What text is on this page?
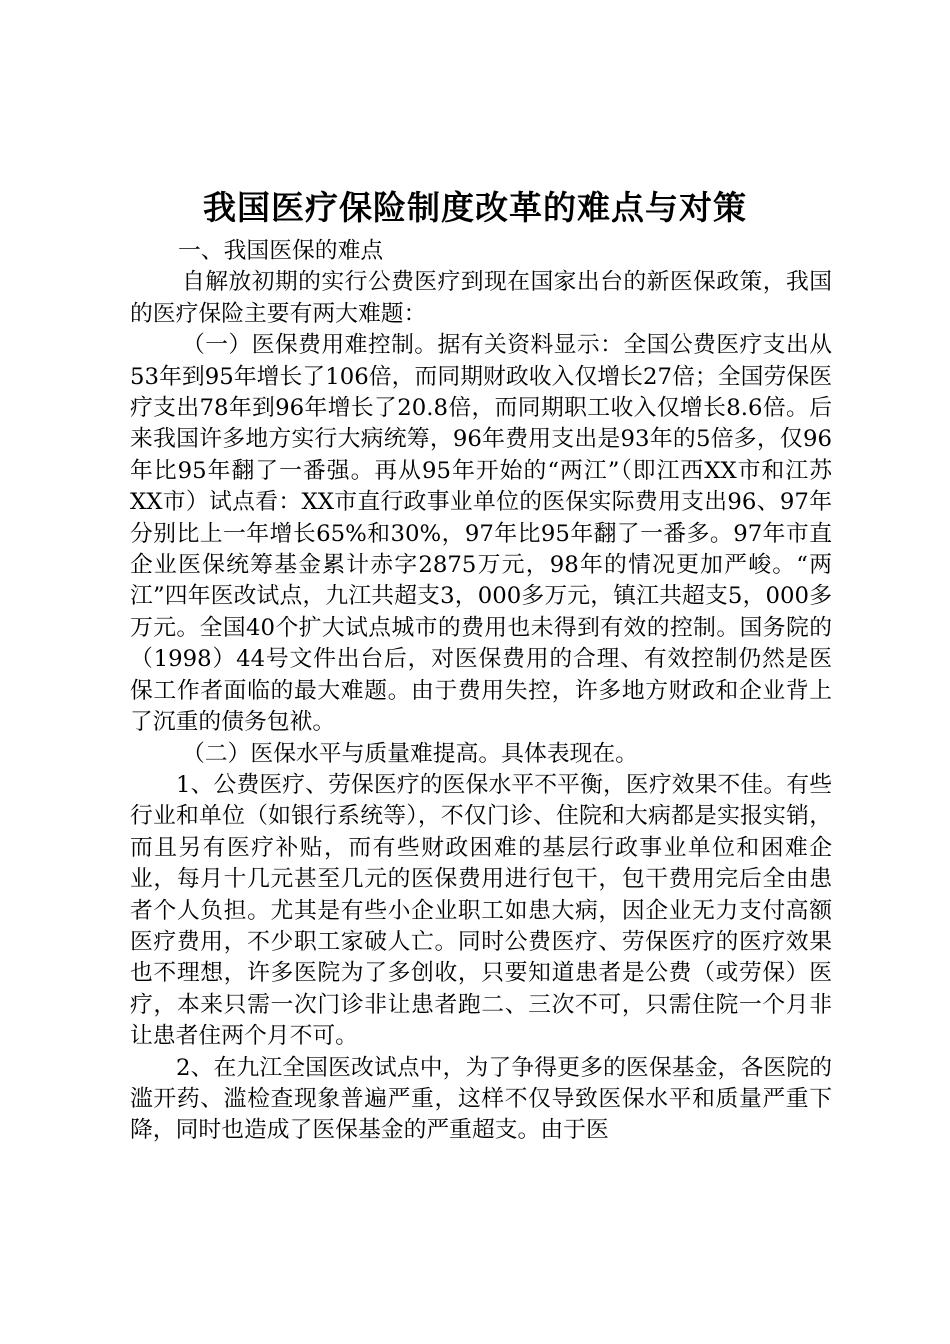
我国医疗保险制度改革的难点与对策

一、我国医保的难点

自解放初期的实行公费医疗到现在国家出台的新医保政策，我国的医疗保险主要有两大难题：

（一）医保费用难控制。据有关资料显示：全国公费医疗支出从53年到95年增长了106倍，而同期财政收入仅增长27倍；全国劳保医疗支出78年到96年增长了20.8倍，而同期职工收入仅增长8.6倍。后来我国许多地方实行大病统筹，96年费用支出是93年的5倍多，仅96年比95年翻了一番强。再从95年开始的“两江”（即江西XX市和江苏XX市）试点看：XX市直行政事业单位的医保实际费用支出96、97年分别比上一年增长65%和30%，97年比95年翻了一番多。97年市直企业医保统筹基金累计赤字2875万元，98年的情况更加严峻。“两江”四年医改试点，九江共超支3，000多万元，镇江共超支5，000多万元。全国40个扩大试点城市的费用也未得到有效的控制。国务院的（1998）44号文件出台后，对医保费用的合理、有效控制仍然是医保工作者面临的最大难题。由于费用失控，许多地方财政和企业背上了沉重的债务包袱。

（二）医保水平与质量难提高。具体表现在。

1、公费医疗、劳保医疗的医保水平不平衡，医疗效果不佳。有些行业和单位（如银行系统等），不仅门诊、住院和大病都是实报实销，而且另有医疗补贴，而有些财政困难的基层行政事业单位和困难企业，每月十几元甚至几元的医保费用进行包干，包干费用完后全由患者个人负担。尤其是有些小企业职工如患大病，因企业无力支付高额医疗费用，不少职工家破人亡。同时公费医疗、劳保医疗的医疗效果也不理想，许多医院为了多创收，只要知道患者是公费（或劳保）医疗，本来只需一次门诊非让患者跑二、三次不可，只需住院一个月非让患者住两个月不可。

2、在九江全国医改试点中，为了争得更多的医保基金，各医院的滥开药、滥检查现象普遍严重，这样不仅导致医保水平和质量严重下降，同时也造成了医保基金的严重超支。由于医
